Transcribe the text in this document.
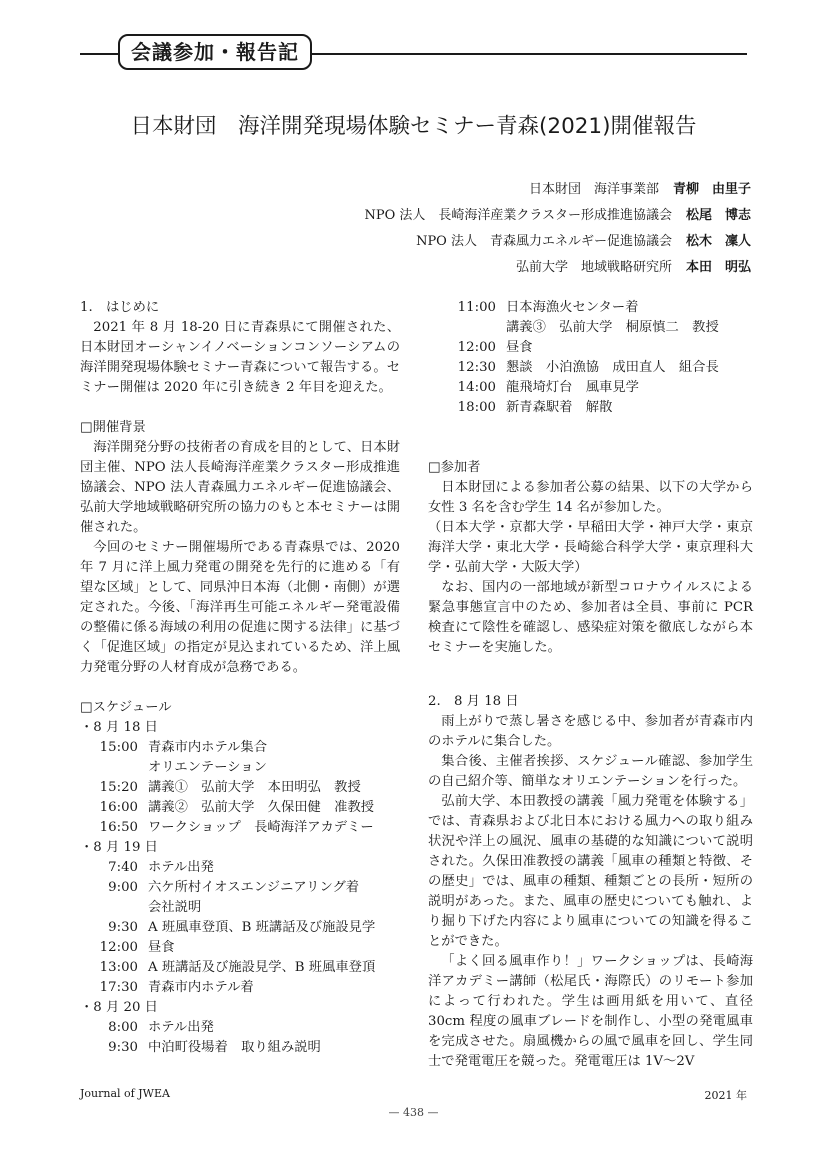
会議参加・報告記
日本財団　海洋開発現場体験セミナー青森(2021)開催報告
日本財団　海洋事業部 青柳　由里子
NPO 法人　長崎海洋産業クラスター形成推進協議会 松尾　博志
NPO 法人　青森風力エネルギー促進協議会 松木　凜人
弘前大学　地域戦略研究所 本田　明弘

1.　はじめに

2021 年 8 月 18-20 日に青森県にて開催された、日本財団オーシャンイノベーションコンソーシアムの海洋開発現場体験セミナー青森について報告する。セミナー開催は 2020 年に引き続き 2 年目を迎えた。

□開催背景

海洋開発分野の技術者の育成を目的として、日本財団主催、NPO 法人長崎海洋産業クラスター形成推進協議会、NPO 法人青森風力エネルギー促進協議会、弘前大学地域戦略研究所の協力のもと本セミナーは開催された。

今回のセミナー開催場所である青森県では、2020 年 7 月に洋上風力発電の開発を先行的に進める「有望な区域」として、同県沖日本海（北側・南側）が選定された。今後、「海洋再生可能エネルギー発電設備の整備に係る海域の利用の促進に関する法律」に基づく「促進区域」の指定が見込まれているため、洋上風力発電分野の人材育成が急務である。

□スケジュール

・8 月 18 日

15:00 青森市内ホテル集合
オリエンテーション
15:20 講義①　弘前大学　本田明弘　教授
16:00 講義②　弘前大学　久保田健　准教授
16:50 ワークショップ　長崎海洋アカデミー

・8 月 19 日

7:40 ホテル出発
9:00 六ケ所村イオスエンジニアリング着
会社説明
9:30 A 班風車登頂、B 班講話及び施設見学
12:00 昼食
13:00 A 班講話及び施設見学、B 班風車登頂
17:30 青森市内ホテル着

・8 月 20 日

8:00 ホテル出発
9:30 中泊町役場着　取り組み説明
11:00 日本海漁火センター着
講義③　弘前大学　桐原慎二　教授
12:00 昼食
12:30 懇談　小泊漁協　成田直人　組合長
14:00 龍飛埼灯台　風車見学
18:00 新青森駅着　解散

□参加者

日本財団による参加者公募の結果、以下の大学から女性 3 名を含む学生 14 名が参加した。

（日本大学・京都大学・早稲田大学・神戸大学・東京海洋大学・東北大学・長崎総合科学大学・東京理科大学・弘前大学・大阪大学）

なお、国内の一部地域が新型コロナウイルスによる緊急事態宣言中のため、参加者は全員、事前に PCR 検査にて陰性を確認し、感染症対策を徹底しながら本セミナーを実施した。

2.　8 月 18 日

雨上がりで蒸し暑さを感じる中、参加者が青森市内のホテルに集合した。

集合後、主催者挨拶、スケジュール確認、参加学生の自己紹介等、簡単なオリエンテーションを行った。

弘前大学、本田教授の講義「風力発電を体験する」では、青森県および北日本における風力への取り組み状況や洋上の風況、風車の基礎的な知識について説明された。久保田准教授の講義「風車の種類と特徴、その歴史」では、風車の種類、種類ごとの長所・短所の説明があった。また、風車の歴史についても触れ、より掘り下げた内容により風車についての知識を得ることができた。

「よく回る風車作り！」ワークショップは、長崎海洋アカデミー講師（松尾氏・海際氏）のリモート参加によって行われた。学生は画用紙を用いて、直径 30cm 程度の風車ブレードを制作し、小型の発電風車を完成させた。扇風機からの風で風車を回し、学生同士で発電電圧を競った。発電電圧は 1V〜2V

Journal of JWEA	2021 年
— 438 —
